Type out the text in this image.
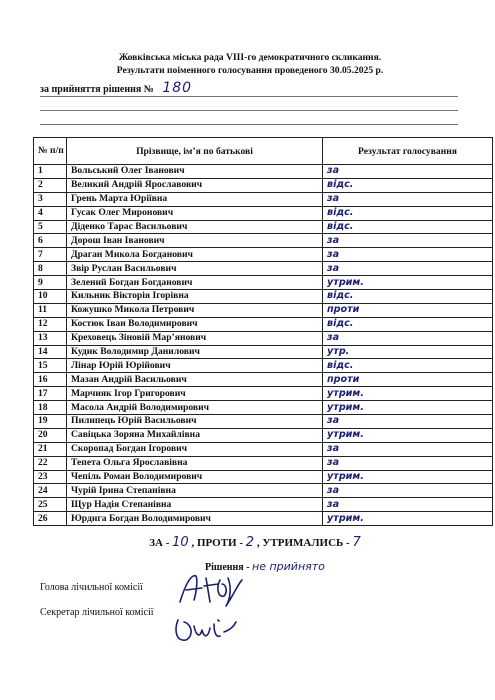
Жовківська міська рада VIII-го демократичного скликання.
Результати поіменного голосування проведеного 30.05.2025 р.
за прийняття рішення № 180
№ п/п	Прізвище, ім’я по батькові	Результат голосування
1	Вольський Олег Іванович	за
2	Великий Андрій Ярославович	відс.
3	Грень Марта Юріївна	за
4	Гусак Олег Миронович	відс.
5	Діденко Тарас Васильович	відс.
6	Дорош Іван Іванович	за
7	Драган Микола Богданович	за
8	Звір Руслан Васильович	за
9	Зелений Богдан Богданович	утрим.
10	Кильник Вікторія Ігорівна	відс.
11	Кожушко Микола Петрович	проти
12	Костюк Іван Володимирович	відс.
13	Креховець Зіновій Мар’янович	за
14	Кудик Володимир Данилович	утр.
15	Лінар Юрій Юрійович	відс.
16	Мазан Андрій Васильович	проти
17	Марчияк Ігор Григорович	утрим.
18	Масола Андрій Володимирович	утрим.
19	Пилипець Юрій Васильович	за
20	Савіцька Зоряна Михайлівна	утрим.
21	Скоропад Богдан Ігорович	за
22	Тепета Ольга Ярославівна	за
23	Чепіль Роман Володимирович	утрим.
24	Чурій Ірина Степанівна	за
25	Щур Надія Степанівна	за
26	Юрдига Богдан Володимирович	утрим.
ЗА - 10 , ПРОТИ - 2 , УТРИМАЛИСЬ - 7
Рішення - не прийнято
Голова лічильної комісії
Секретар лічильної комісії
